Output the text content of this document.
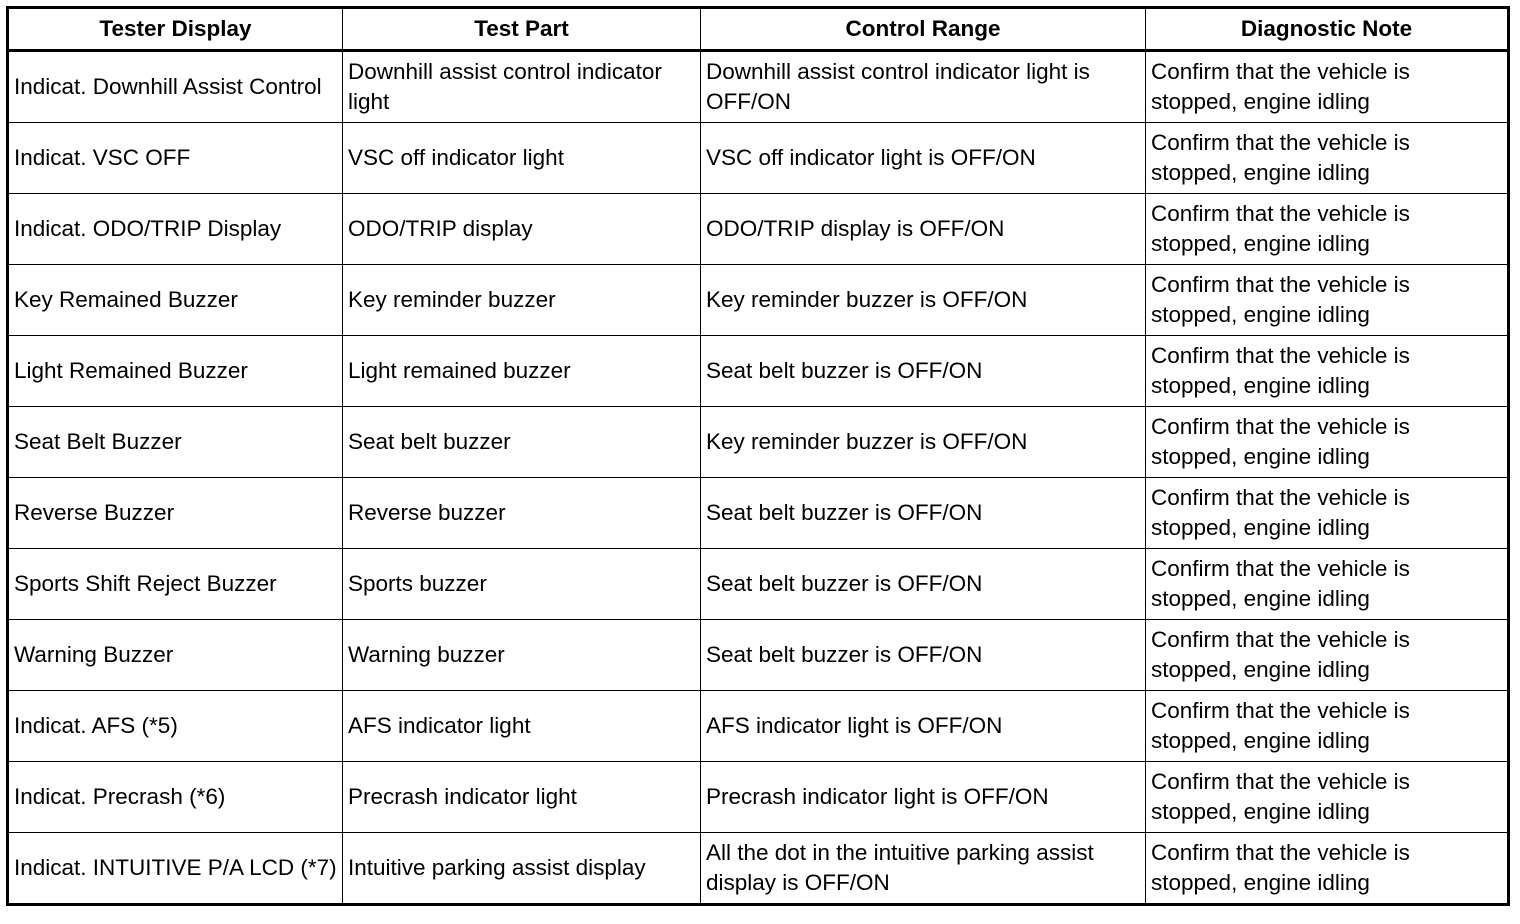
Tester Display	Test Part	Control Range	Diagnostic Note
Indicat. Downhill Assist Control	Downhill assist control indicator light	Downhill assist control indicator light is OFF/ON	Confirm that the vehicle is stopped, engine idling
Indicat. VSC OFF	VSC off indicator light	VSC off indicator light is OFF/ON	Confirm that the vehicle is stopped, engine idling
Indicat. ODO/TRIP Display	ODO/TRIP display	ODO/TRIP display is OFF/ON	Confirm that the vehicle is stopped, engine idling
Key Remained Buzzer	Key reminder buzzer	Key reminder buzzer is OFF/ON	Confirm that the vehicle is stopped, engine idling
Light Remained Buzzer	Light remained buzzer	Seat belt buzzer is OFF/ON	Confirm that the vehicle is stopped, engine idling
Seat Belt Buzzer	Seat belt buzzer	Key reminder buzzer is OFF/ON	Confirm that the vehicle is stopped, engine idling
Reverse Buzzer	Reverse buzzer	Seat belt buzzer is OFF/ON	Confirm that the vehicle is stopped, engine idling
Sports Shift Reject Buzzer	Sports buzzer	Seat belt buzzer is OFF/ON	Confirm that the vehicle is stopped, engine idling
Warning Buzzer	Warning buzzer	Seat belt buzzer is OFF/ON	Confirm that the vehicle is stopped, engine idling
Indicat. AFS (*5)	AFS indicator light	AFS indicator light is OFF/ON	Confirm that the vehicle is stopped, engine idling
Indicat. Precrash (*6)	Precrash indicator light	Precrash indicator light is OFF/ON	Confirm that the vehicle is stopped, engine idling
Indicat. INTUITIVE P/A LCD (*7)	Intuitive parking assist display	All the dot in the intuitive parking assist display is OFF/ON	Confirm that the vehicle is stopped, engine idling
